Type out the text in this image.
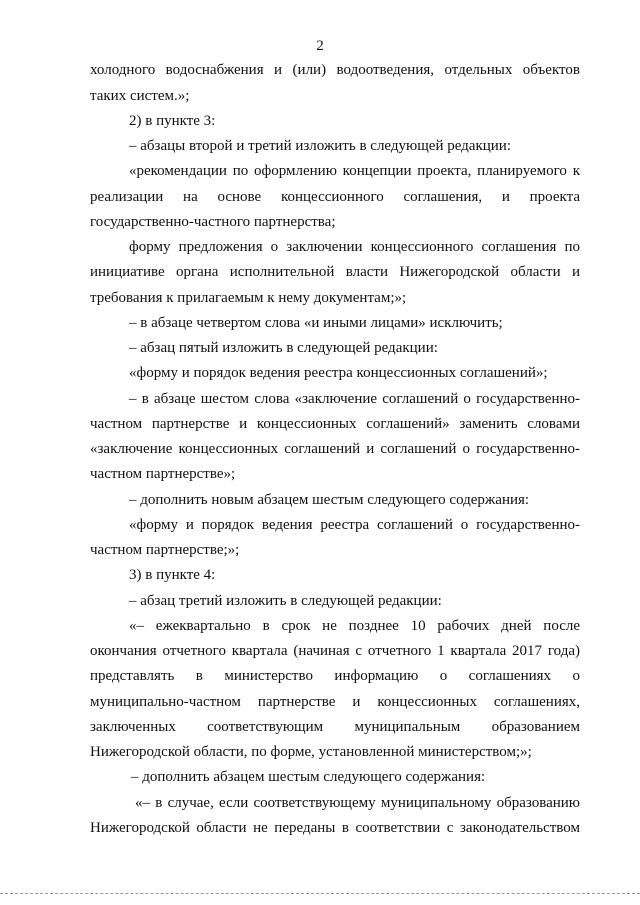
2
холодного водоснабжения и (или) водоотведения, отдельных объектов
таких систем.»;
2) в пункте 3:
– абзацы второй и третий изложить в следующей редакции:
«рекомендации по оформлению концепции проекта, планируемого к
реализации на основе концессионного соглашения, и проекта
государственно-частного партнерства;
форму предложения о заключении концессионного соглашения по
инициативе органа исполнительной власти Нижегородской области и
требования к прилагаемым к нему документам;»;
– в абзаце четвертом слова «и иными лицами» исключить;
– абзац пятый изложить в следующей редакции:
«форму и порядок ведения реестра концессионных соглашений»;
– в абзаце шестом слова «заключение соглашений о государственно-
частном партнерстве и концессионных соглашений» заменить словами
«заключение концессионных соглашений и соглашений о государственно-
частном партнерстве»;
– дополнить новым абзацем шестым следующего содержания:
«форму и порядок ведения реестра соглашений о государственно-
частном партнерстве;»;
3) в пункте 4:
– абзац третий изложить в следующей редакции:
«– ежеквартально в срок не позднее 10 рабочих дней после
окончания отчетного квартала (начиная с отчетного 1 квартала 2017 года)
представлять в министерство информацию о соглашениях о
муниципально-частном партнерстве и концессионных соглашениях,
заключенных соответствующим муниципальным образованием
Нижегородской области, по форме, установленной министерством;»;
– дополнить абзацем шестым следующего содержания:
«– в случае, если соответствующему муниципальному образованию
Нижегородской области не переданы в соответствии с законодательством
